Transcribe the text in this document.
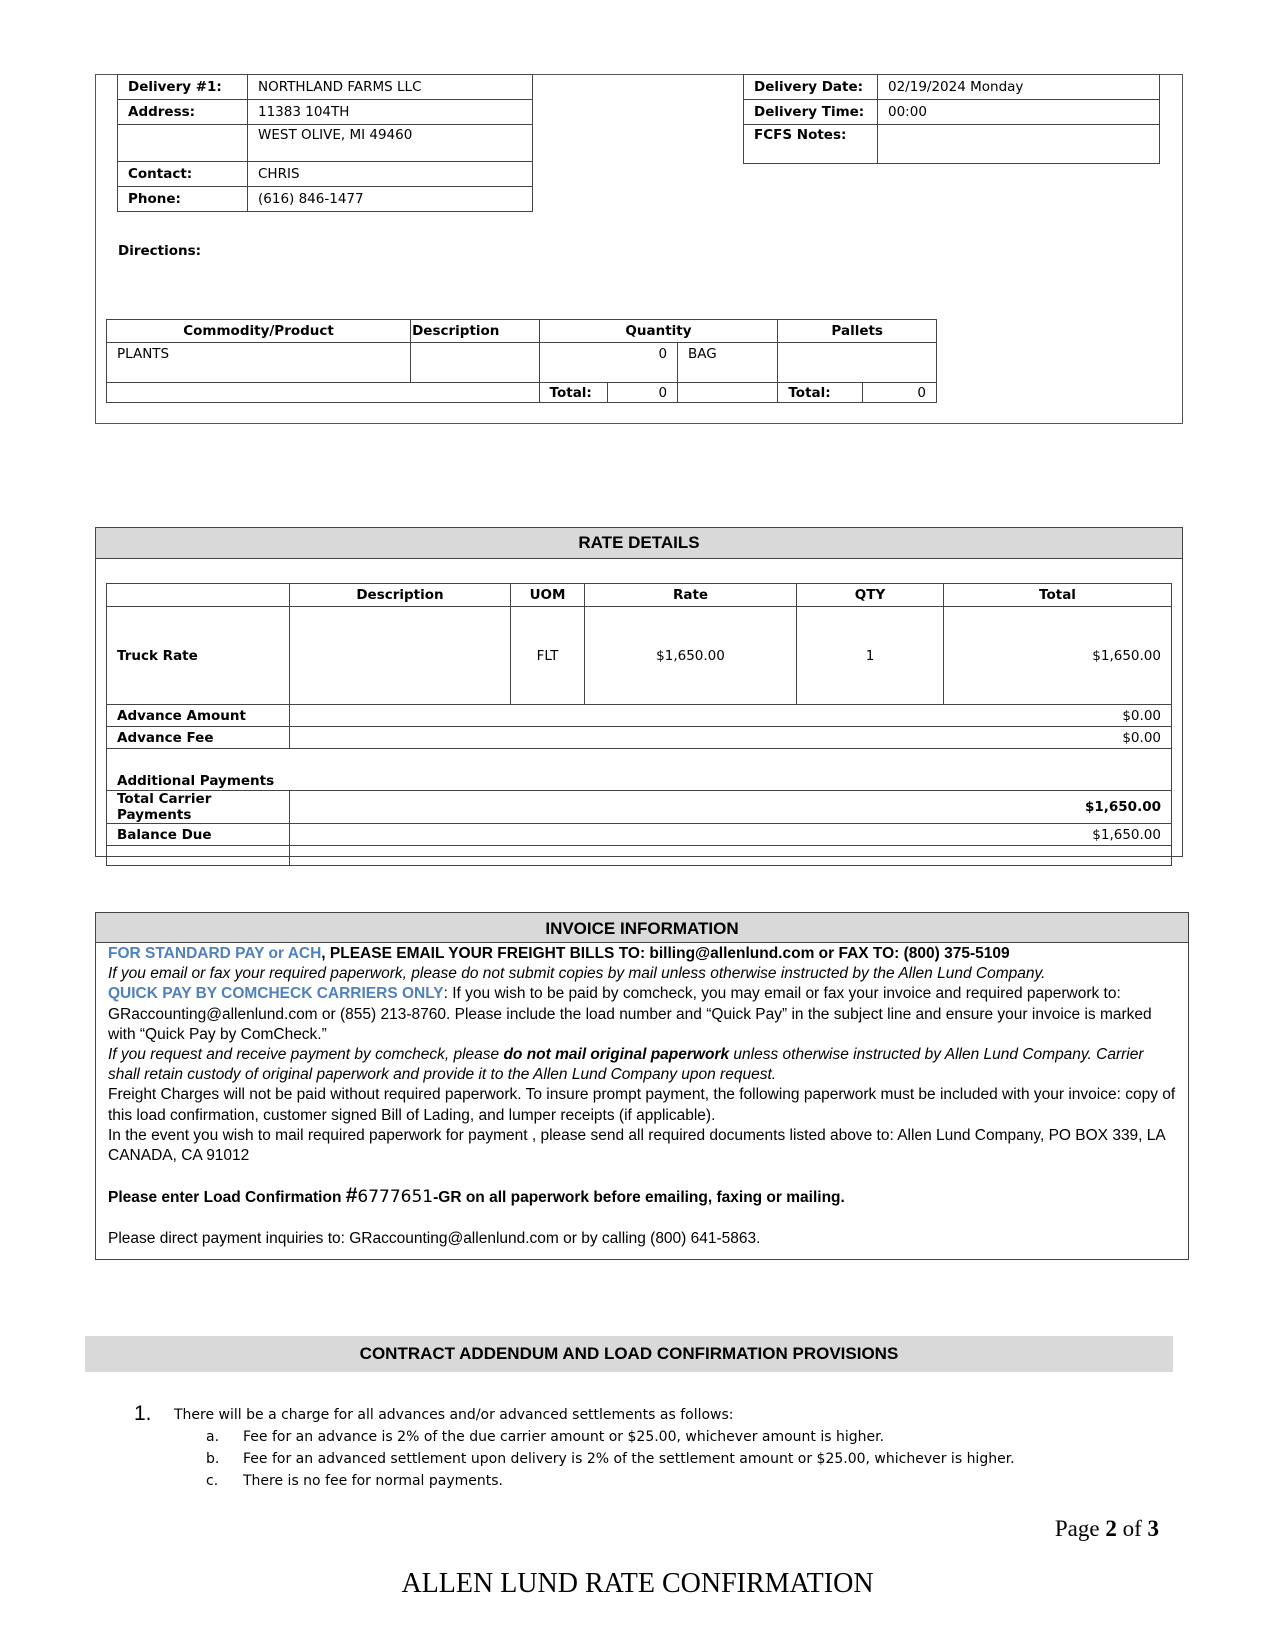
Delivery #1:	NORTHLAND FARMS LLC
Address:	11383 104TH
	WEST OLIVE, MI 49460
Contact:	CHRIS
Phone:	(616) 846-1477
Delivery Date:	02/19/2024 Monday
Delivery Time:	00:00
FCFS Notes:	
Directions:
Commodity/Product	Description	Quantity			Pallets	
PLANTS		0		BAG		
		Total:	0		Total:	0
RATE DETAILS
	Description	UOM	Rate	QTY	Total
Truck Rate		FLT	$1,650.00	1	$1,650.00
Advance Amount	$0.00				
Advance Fee	$0.00				
Additional Payments					
Total Carrier Payments	$1,650.00				
Balance Due	$1,650.00				

INVOICE INFORMATION
FOR STANDARD PAY or ACH, PLEASE EMAIL YOUR FREIGHT BILLS TO: billing@allenlund.com or FAX TO: (800) 375-5109
If you email or fax your required paperwork, please do not submit copies by mail unless otherwise instructed by the Allen Lund Company.
QUICK PAY BY COMCHECK CARRIERS ONLY: If you wish to be paid by comcheck, you may email or fax your invoice and required paperwork to: GRaccounting@allenlund.com or (855) 213-8760. Please include the load number and “Quick Pay” in the subject line and ensure your invoice is marked with “Quick Pay by ComCheck.”
If you request and receive payment by comcheck, please do not mail original paperwork unless otherwise instructed by Allen Lund Company. Carrier shall retain custody of original paperwork and provide it to the Allen Lund Company upon request.
Freight Charges will not be paid without required paperwork. To insure prompt payment, the following paperwork must be included with your invoice: copy of this load confirmation, customer signed Bill of Lading, and lumper receipts (if applicable).
In the event you wish to mail required paperwork for payment , please send all required documents listed above to: Allen Lund Company, PO BOX 339, LA CANADA, CA 91012
Please enter Load Confirmation #6777651-GR on all paperwork before emailing, faxing or mailing.
Please direct payment inquiries to: GRaccounting@allenlund.com or by calling (800) 641-5863.
CONTRACT ADDENDUM AND LOAD CONFIRMATION PROVISIONS
1. There will be a charge for all advances and/or advanced settlements as follows:
a. Fee for an advance is 2% of the due carrier amount or $25.00, whichever amount is higher.
b. Fee for an advanced settlement upon delivery is 2% of the settlement amount or $25.00, whichever is higher.
c. There is no fee for normal payments.
Page 2 of 3
ALLEN LUND RATE CONFIRMATION
